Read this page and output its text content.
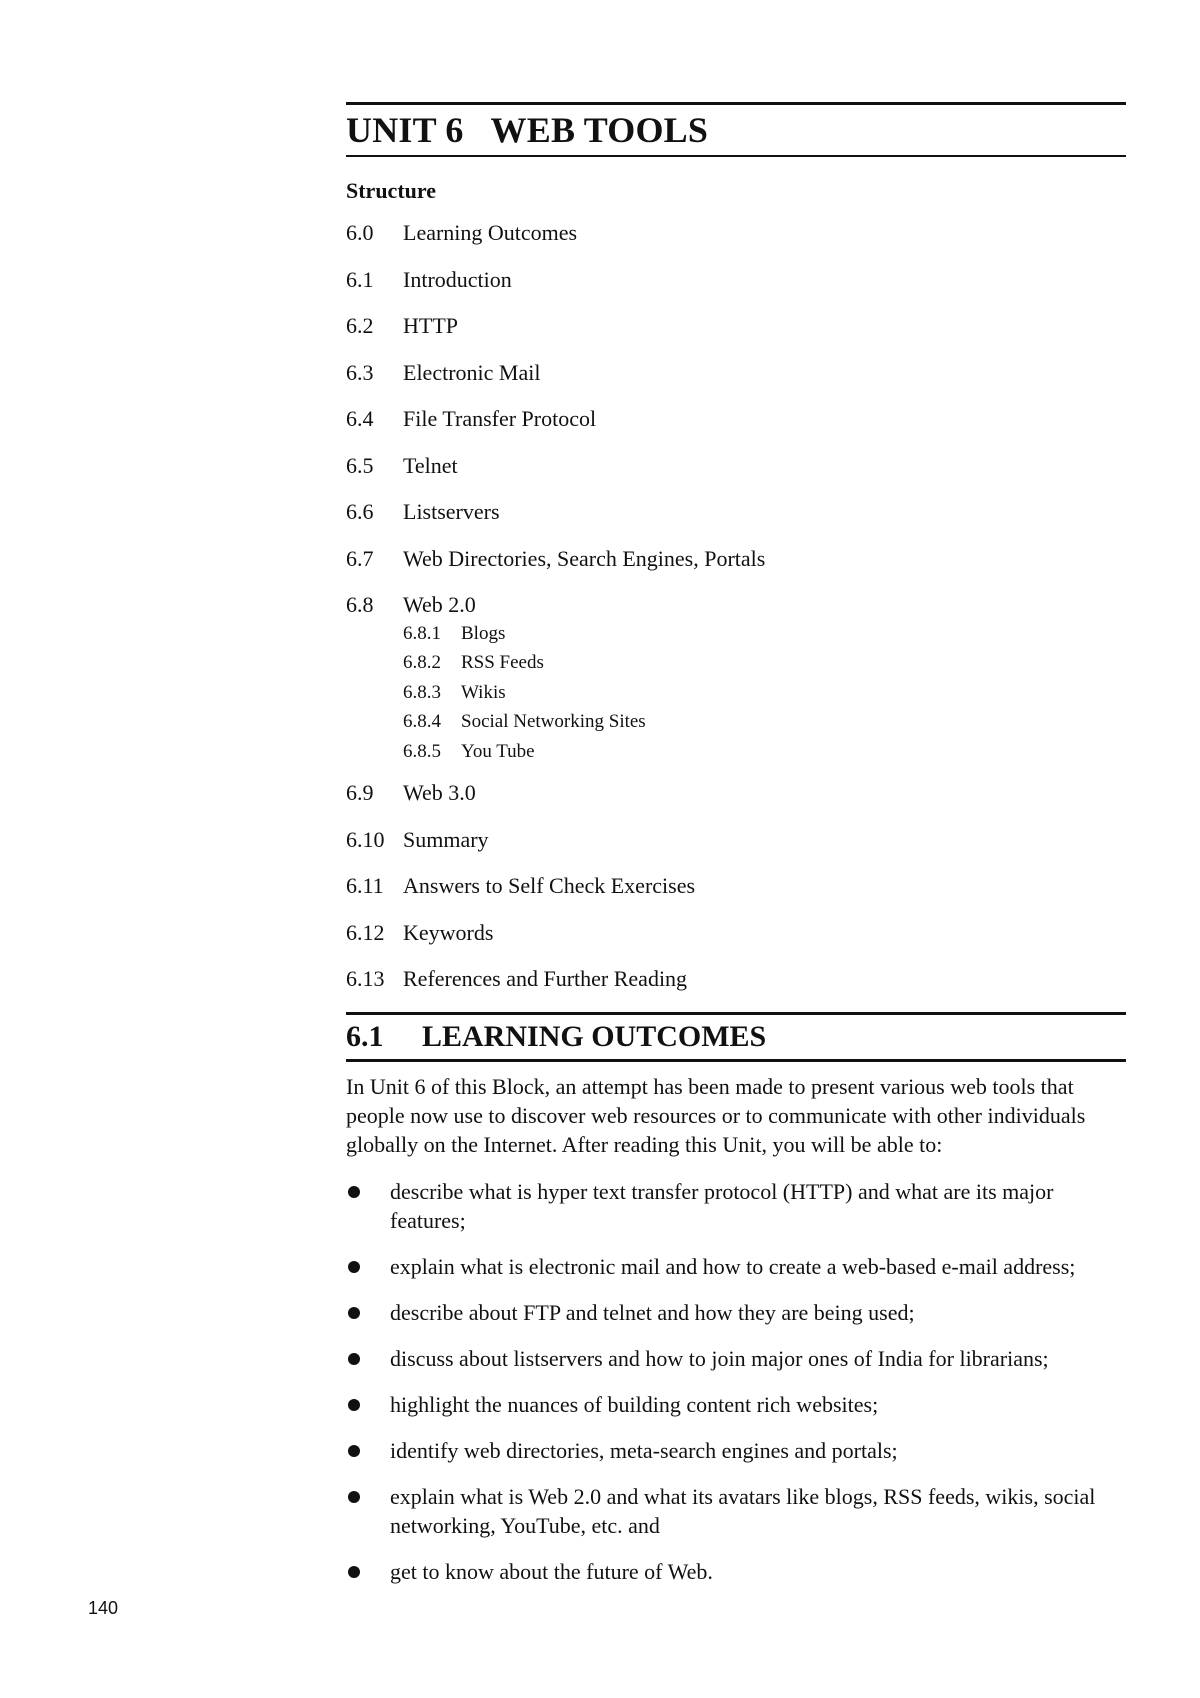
UNIT 6 WEB TOOLS
Structure
6.0	Learning Outcomes
6.1	Introduction
6.2	HTTP
6.3	Electronic Mail
6.4	File Transfer Protocol
6.5	Telnet
6.6	Listservers
6.7	Web Directories, Search Engines, Portals
6.8	Web 2.0
6.8.1	Blogs
6.8.2	RSS Feeds
6.8.3	Wikis
6.8.4	Social Networking Sites
6.8.5	You Tube
6.9	Web 3.0
6.10 Summary
6.11 Answers to Self Check Exercises
6.12 Keywords
6.13 References and Further Reading
6.1	LEARNING OUTCOMES
In Unit 6 of this Block, an attempt has been made to present various web tools that people now use to discover web resources or to communicate with other individuals globally on the Internet. After reading this Unit, you will be able to:
describe what is hyper text transfer protocol (HTTP) and what are its major features;
explain what is electronic mail and how to create a web-based e-mail address;
describe about FTP and telnet and how they are being used;
discuss about listservers and how to join major ones of India for librarians;
highlight the nuances of building content rich websites;
identify web directories, meta-search engines and portals;
explain what is Web 2.0 and what its avatars like blogs, RSS feeds, wikis, social networking, YouTube, etc. and
get to know about the future of Web.
140
